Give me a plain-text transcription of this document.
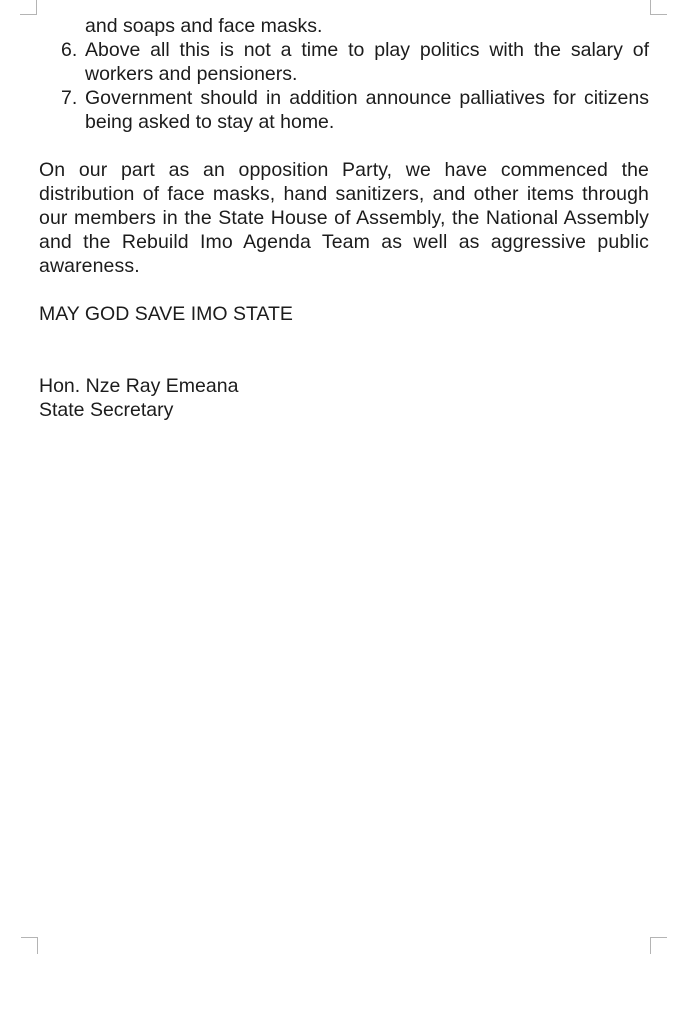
and soaps and face masks.
6. Above all this is not a time to play politics with the salary of workers and pensioners.
7. Government should in addition announce palliatives for citizens being asked to stay at home.

On our part as an opposition Party, we have commenced the distribution of face masks, hand sanitizers, and other items through our members in the State House of Assembly, the National Assembly and the Rebuild Imo Agenda Team as well as aggressive public awareness.

MAY GOD SAVE IMO STATE
Hon. Nze Ray Emeana
State Secretary
